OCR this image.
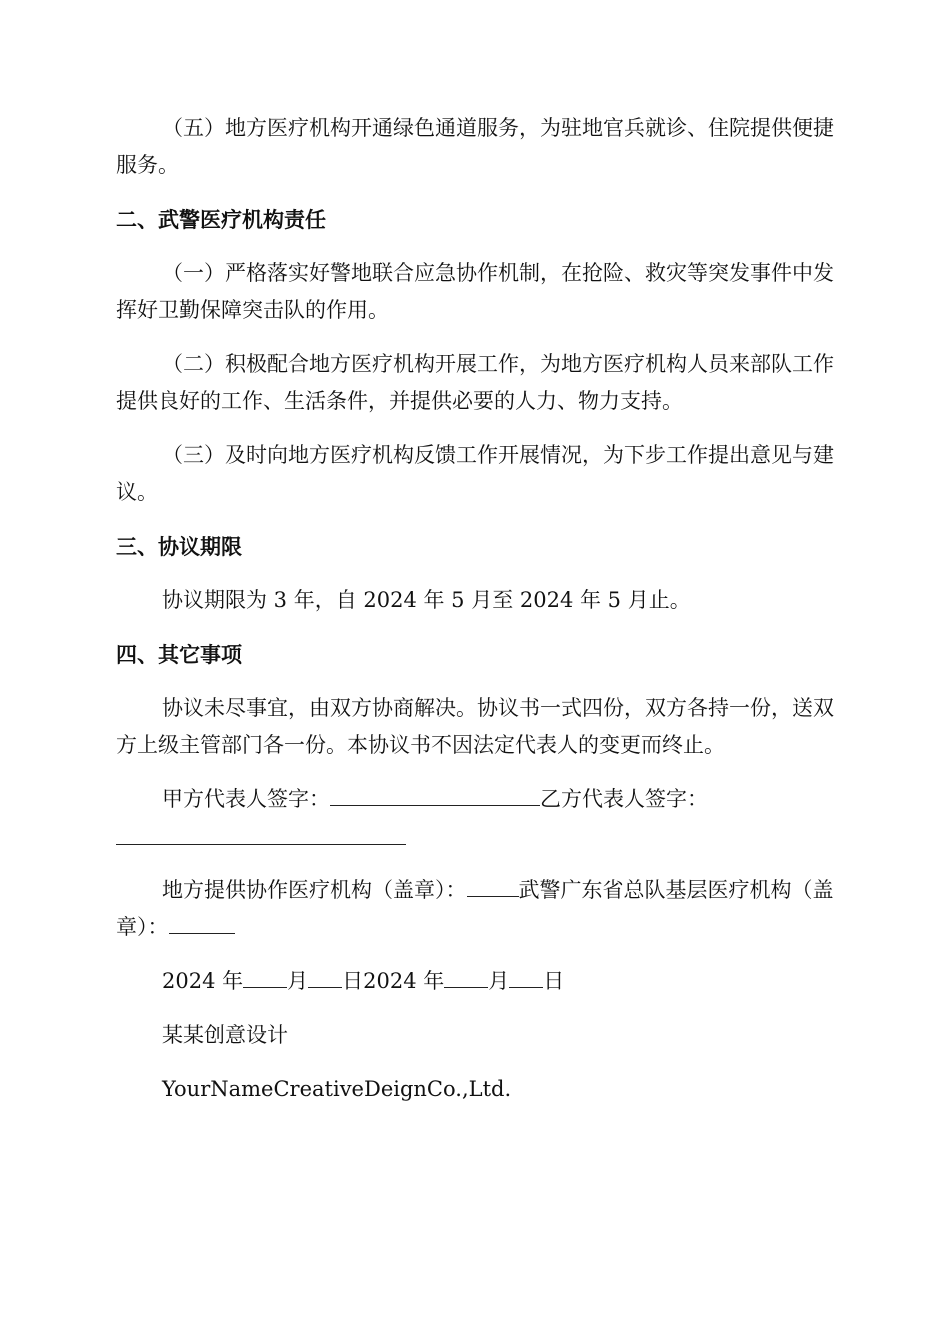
（五）地方医疗机构开通绿色通道服务，为驻地官兵就诊、住院提供便捷服务。

二、武警医疗机构责任

（一）严格落实好警地联合应急协作机制，在抢险、救灾等突发事件中发挥好卫勤保障突击队的作用。

（二）积极配合地方医疗机构开展工作，为地方医疗机构人员来部队工作提供良好的工作、生活条件，并提供必要的人力、物力支持。

（三）及时向地方医疗机构反馈工作开展情况，为下步工作提出意见与建议。

三、协议期限

协议期限为 3 年，自 2024 年 5 月至 2024 年 5 月止。

四、其它事项

协议未尽事宜，由双方协商解决。协议书一式四份，双方各持一份，送双方上级主管部门各一份。本协议书不因法定代表人的变更而终止。

甲方代表人签字：	乙方代表人签字：

地方提供协作医疗机构（盖章）： 武警广东省总队基层医疗机构（盖章）：

2024 年 月 日2024 年 月 日
某某创意设计
YourNameCreativeDeignCo.,Ltd.
